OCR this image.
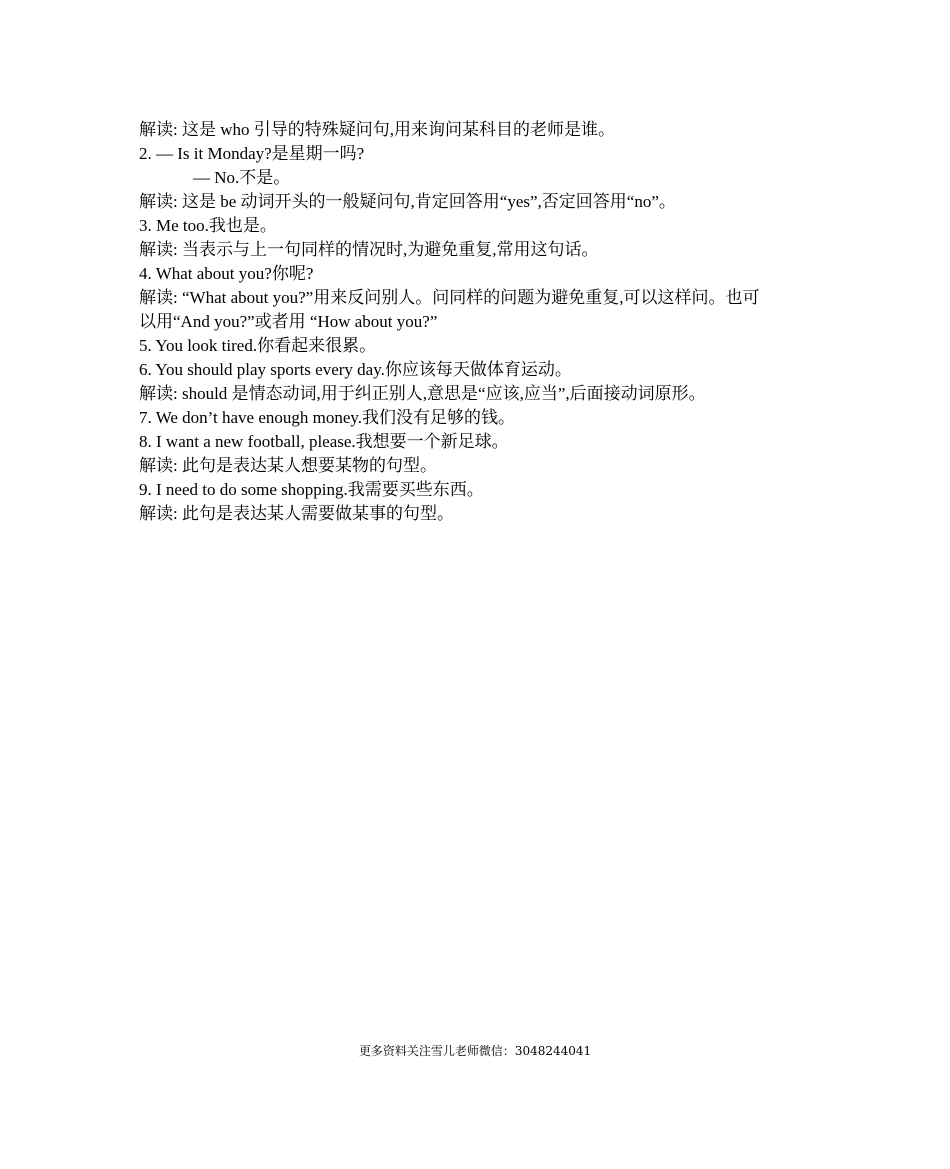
解读: 这是 who 引导的特殊疑问句,用来询问某科目的老师是谁。
2. — Is it Monday?是星期一吗?
— No.不是。
解读: 这是 be 动词开头的一般疑问句,肯定回答用“yes”,否定回答用“no”。
3. Me too.我也是。
解读: 当表示与上一句同样的情况时,为避免重复,常用这句话。
4. What about you?你呢?
解读: “What about you?”用来反问别人。问同样的问题为避免重复,可以这样问。也可
以用“And you?”或者用 “How about you?”
5. You look tired.你看起来很累。
6. You should play sports every day.你应该每天做体育运动。
解读: should 是情态动词,用于纠正别人,意思是“应该,应当”,后面接动词原形。
7. We don’t have enough money.我们没有足够的钱。
8. I want a new football, please.我想要一个新足球。
解读: 此句是表达某人想要某物的句型。
9. I need to do some shopping.我需要买些东西。
解读: 此句是表达某人需要做某事的句型。
更多资料关注雪儿老师微信：3048244041
